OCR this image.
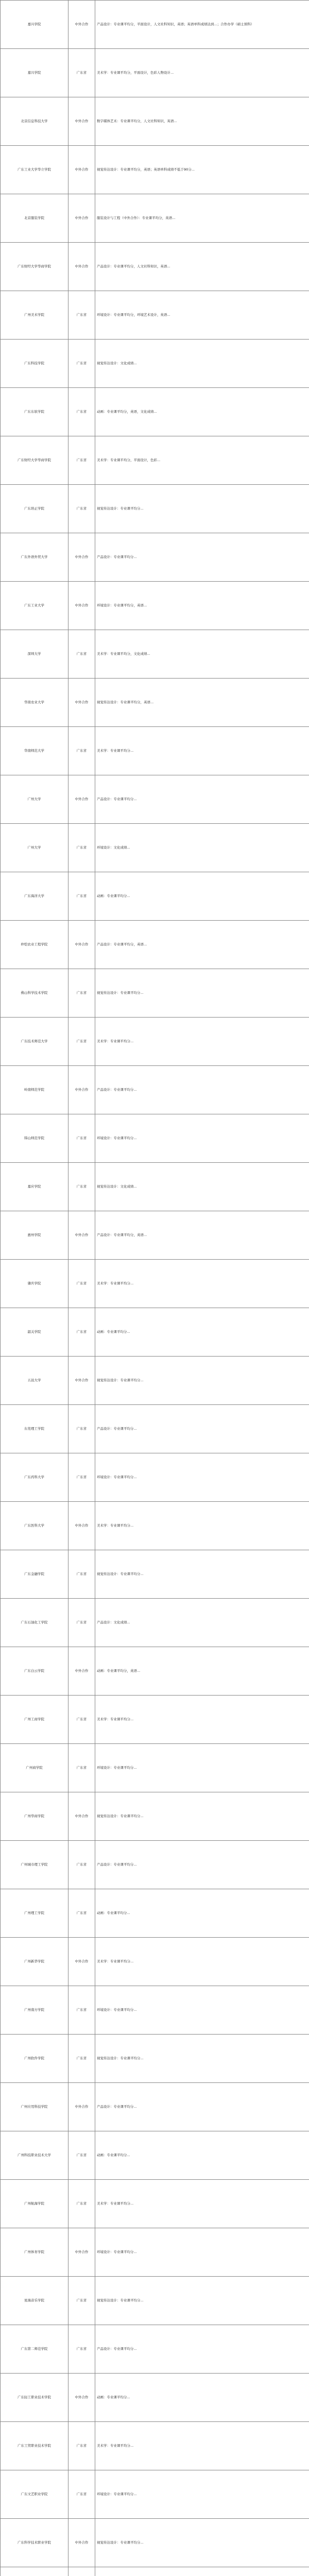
嘉兴学院	中外合作	产品设计：专业课平均分，平面设计，人文社科知识，英语；英语单科成绩达到...；合作办学（硕士预科）
嘉兴学院	广东省	美术学：专业课平均分，平面设计，色彩人物设计...
北京信息科技大学	中外合作	数字媒体艺术：专业课平均分，人文社科知识，英语...
广东工业大学华立学院	中外合作	视觉传达设计：专业课平均分，英语；英语单科成绩不低于90分...
北京服装学院	中外合作	服装设计与工程（中外合作）：专业课平均分，英语...
广东财经大学华商学院	中外合作	产品设计：专业课平均分，人文社科知识，英语...
广州美术学院	广东省	环境设计：专业课平均分，环境艺术设计，英语...
广东科技学院	广东省	视觉传达设计：文化成绩...
广东东软学院	广东省	动画：专业课平均分，英语，文化成绩...
广东财经大学华商学院	广东省	美术学：专业课平均分，平面设计，色彩...
广东培正学院	广东省	视觉传达设计：专业课平均分...
广东外语外贸大学	中外合作	产品设计：专业课平均分...
广东工业大学	中外合作	环境设计：专业课平均分，英语...
深圳大学	广东省	美术学：专业课平均分，文化成绩...
华南农业大学	中外合作	视觉传达设计：专业课平均分，英语...
华南师范大学	广东省	美术学：专业课平均分...
广州大学	中外合作	产品设计：专业课平均分...
广州大学	广东省	环境设计：文化成绩...
广东海洋大学	广东省	动画：专业课平均分...
仲恺农业工程学院	中外合作	产品设计：专业课平均分，英语...
佛山科学技术学院	广东省	视觉传达设计：专业课平均分...
广东技术师范大学	广东省	美术学：专业课平均分...
岭南师范学院	中外合作	产品设计：专业课平均分...
韩山师范学院	广东省	环境设计：专业课平均分...
嘉应学院	广东省	视觉传达设计：文化成绩...
惠州学院	中外合作	产品设计：专业课平均分，英语...
肇庆学院	广东省	美术学：专业课平均分...
韶关学院	广东省	动画：专业课平均分...
五邑大学	中外合作	视觉传达设计：专业课平均分...
东莞理工学院	广东省	产品设计：专业课平均分...
广东药科大学	广东省	环境设计：专业课平均分...
广东医科大学	中外合作	美术学：专业课平均分...
广东金融学院	广东省	视觉传达设计：专业课平均分...
广东石油化工学院	广东省	产品设计：文化成绩...
广东白云学院	中外合作	动画：专业课平均分，英语...
广州工商学院	广东省	美术学：专业课平均分...
广州商学院	广东省	环境设计：专业课平均分...
广州华商学院	中外合作	视觉传达设计：专业课平均分...
广州城市理工学院	广东省	产品设计：专业课平均分...
广州理工学院	广东省	动画：专业课平均分...
广州新华学院	中外合作	美术学：专业课平均分...
广州南方学院	广东省	环境设计：专业课平均分...
广州软件学院	广东省	视觉传达设计：专业课平均分...
广州应用科技学院	中外合作	产品设计：专业课平均分...
广州科技职业技术大学	广东省	动画：专业课平均分...
广州航海学院	广东省	美术学：专业课平均分...
广州体育学院	中外合作	环境设计：专业课平均分...
星海音乐学院	广东省	视觉传达设计：专业课平均分...
广东第二师范学院	广东省	产品设计：专业课平均分...
广东轻工职业技术学院	中外合作	动画：专业课平均分...
广东工贸职业技术学院	广东省	美术学：专业课平均分...
广东文艺职业学院	广东省	环境设计：专业课平均分...
广东科学技术职业学院	中外合作	视觉传达设计：专业课平均分...
